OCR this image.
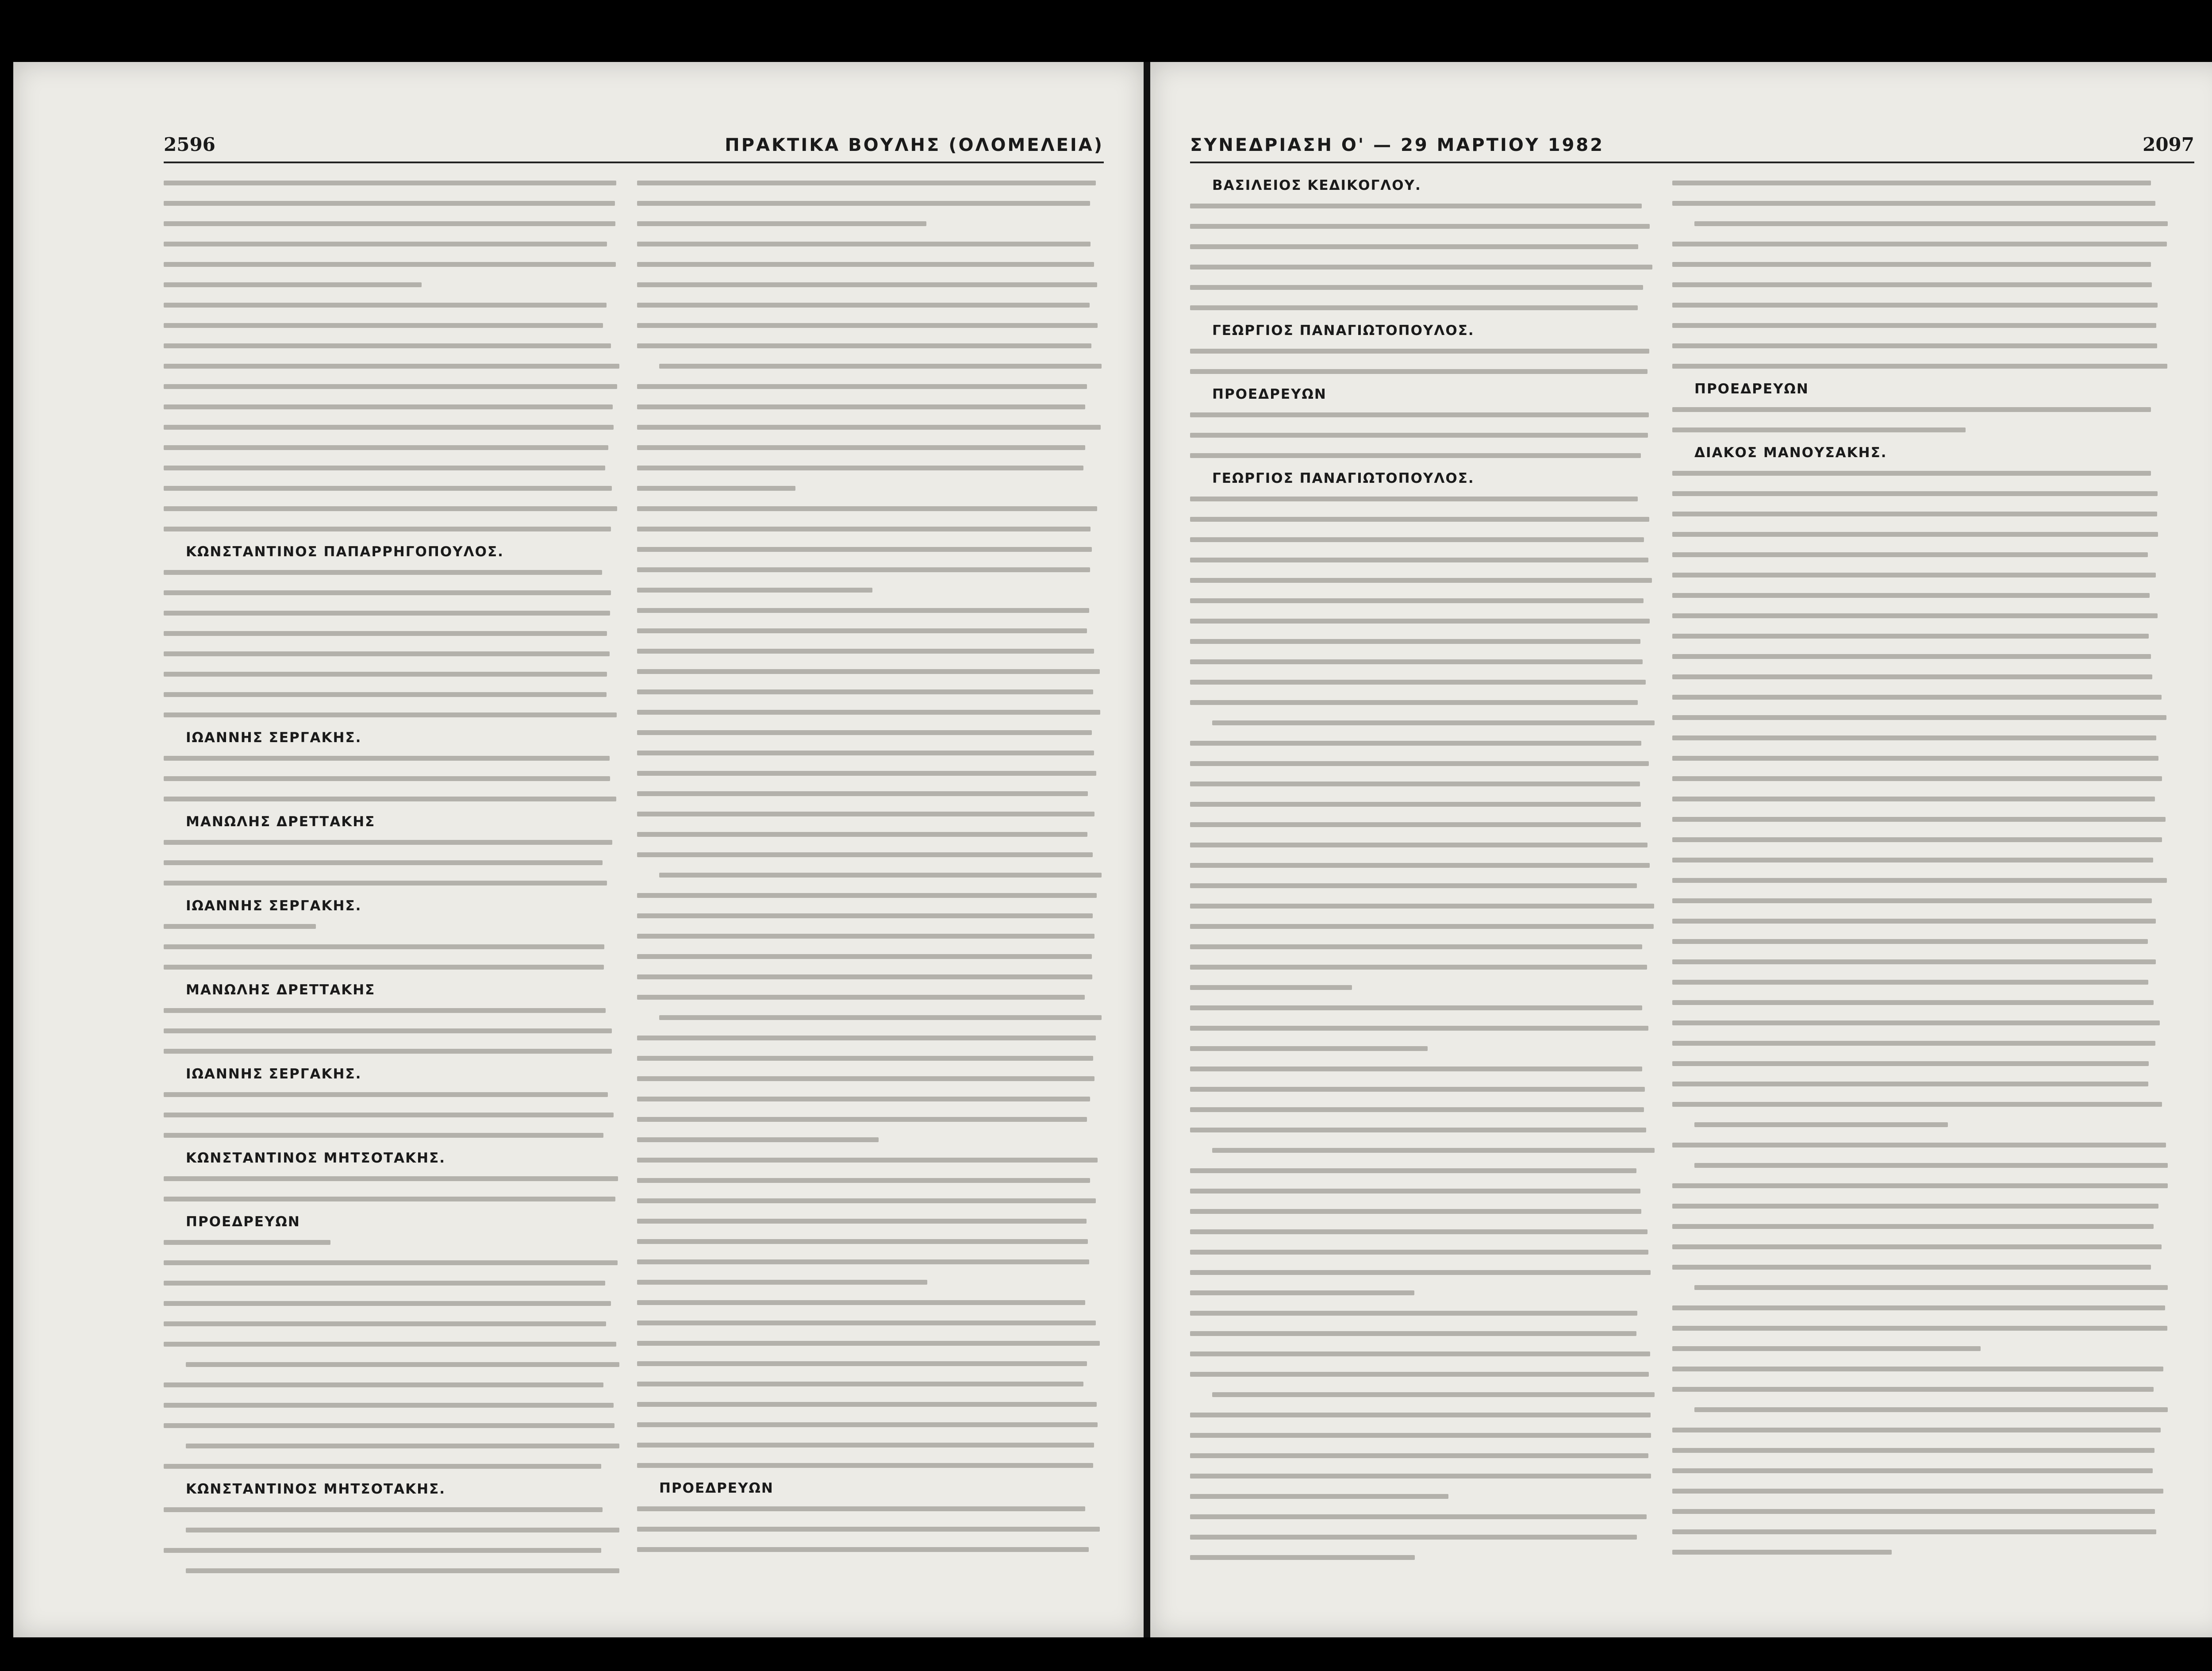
2596	ΠΡΑΚΤΙΚΑ ΒΟΥΛΗΣ (ΟΛΟΜΕΛΕΙΑ)
ΚΩΝΣΤΑΝΤΙΝΟΣ ΠΑΠΑΡΡΗΓΟΠΟΥΛΟΣ.
ΙΩΑΝΝΗΣ ΣΕΡΓΑΚΗΣ.
ΜΑΝΩΛΗΣ ΔΡΕΤΤΑΚΗΣ
ΙΩΑΝΝΗΣ ΣΕΡΓΑΚΗΣ.
ΜΑΝΩΛΗΣ ΔΡΕΤΤΑΚΗΣ
ΙΩΑΝΝΗΣ ΣΕΡΓΑΚΗΣ.
ΚΩΝΣΤΑΝΤΙΝΟΣ ΜΗΤΣΟΤΑΚΗΣ.
ΠΡΟΕΔΡΕΥΩΝ
ΚΩΝΣΤΑΝΤΙΝΟΣ ΜΗΤΣΟΤΑΚΗΣ.	ΠΡΟΕΔΡΕΥΩΝ
ΣΥΝΕΔΡΙΑΣΗ Ο' — 29 ΜΑΡΤΙΟΥ 1982	2097
ΒΑΣΙΛΕΙΟΣ ΚΕΔΙΚΟΓΛΟΥ.
ΓΕΩΡΓΙΟΣ ΠΑΝΑΓΙΩΤΟΠΟΥΛΟΣ.
ΠΡΟΕΔΡΕΥΩΝ
ΓΕΩΡΓΙΟΣ ΠΑΝΑΓΙΩΤΟΠΟΥΛΟΣ.
ΠΡΟΕΔΡΕΥΩΝ
ΔΙΑΚΟΣ ΜΑΝΟΥΣΑΚΗΣ.
